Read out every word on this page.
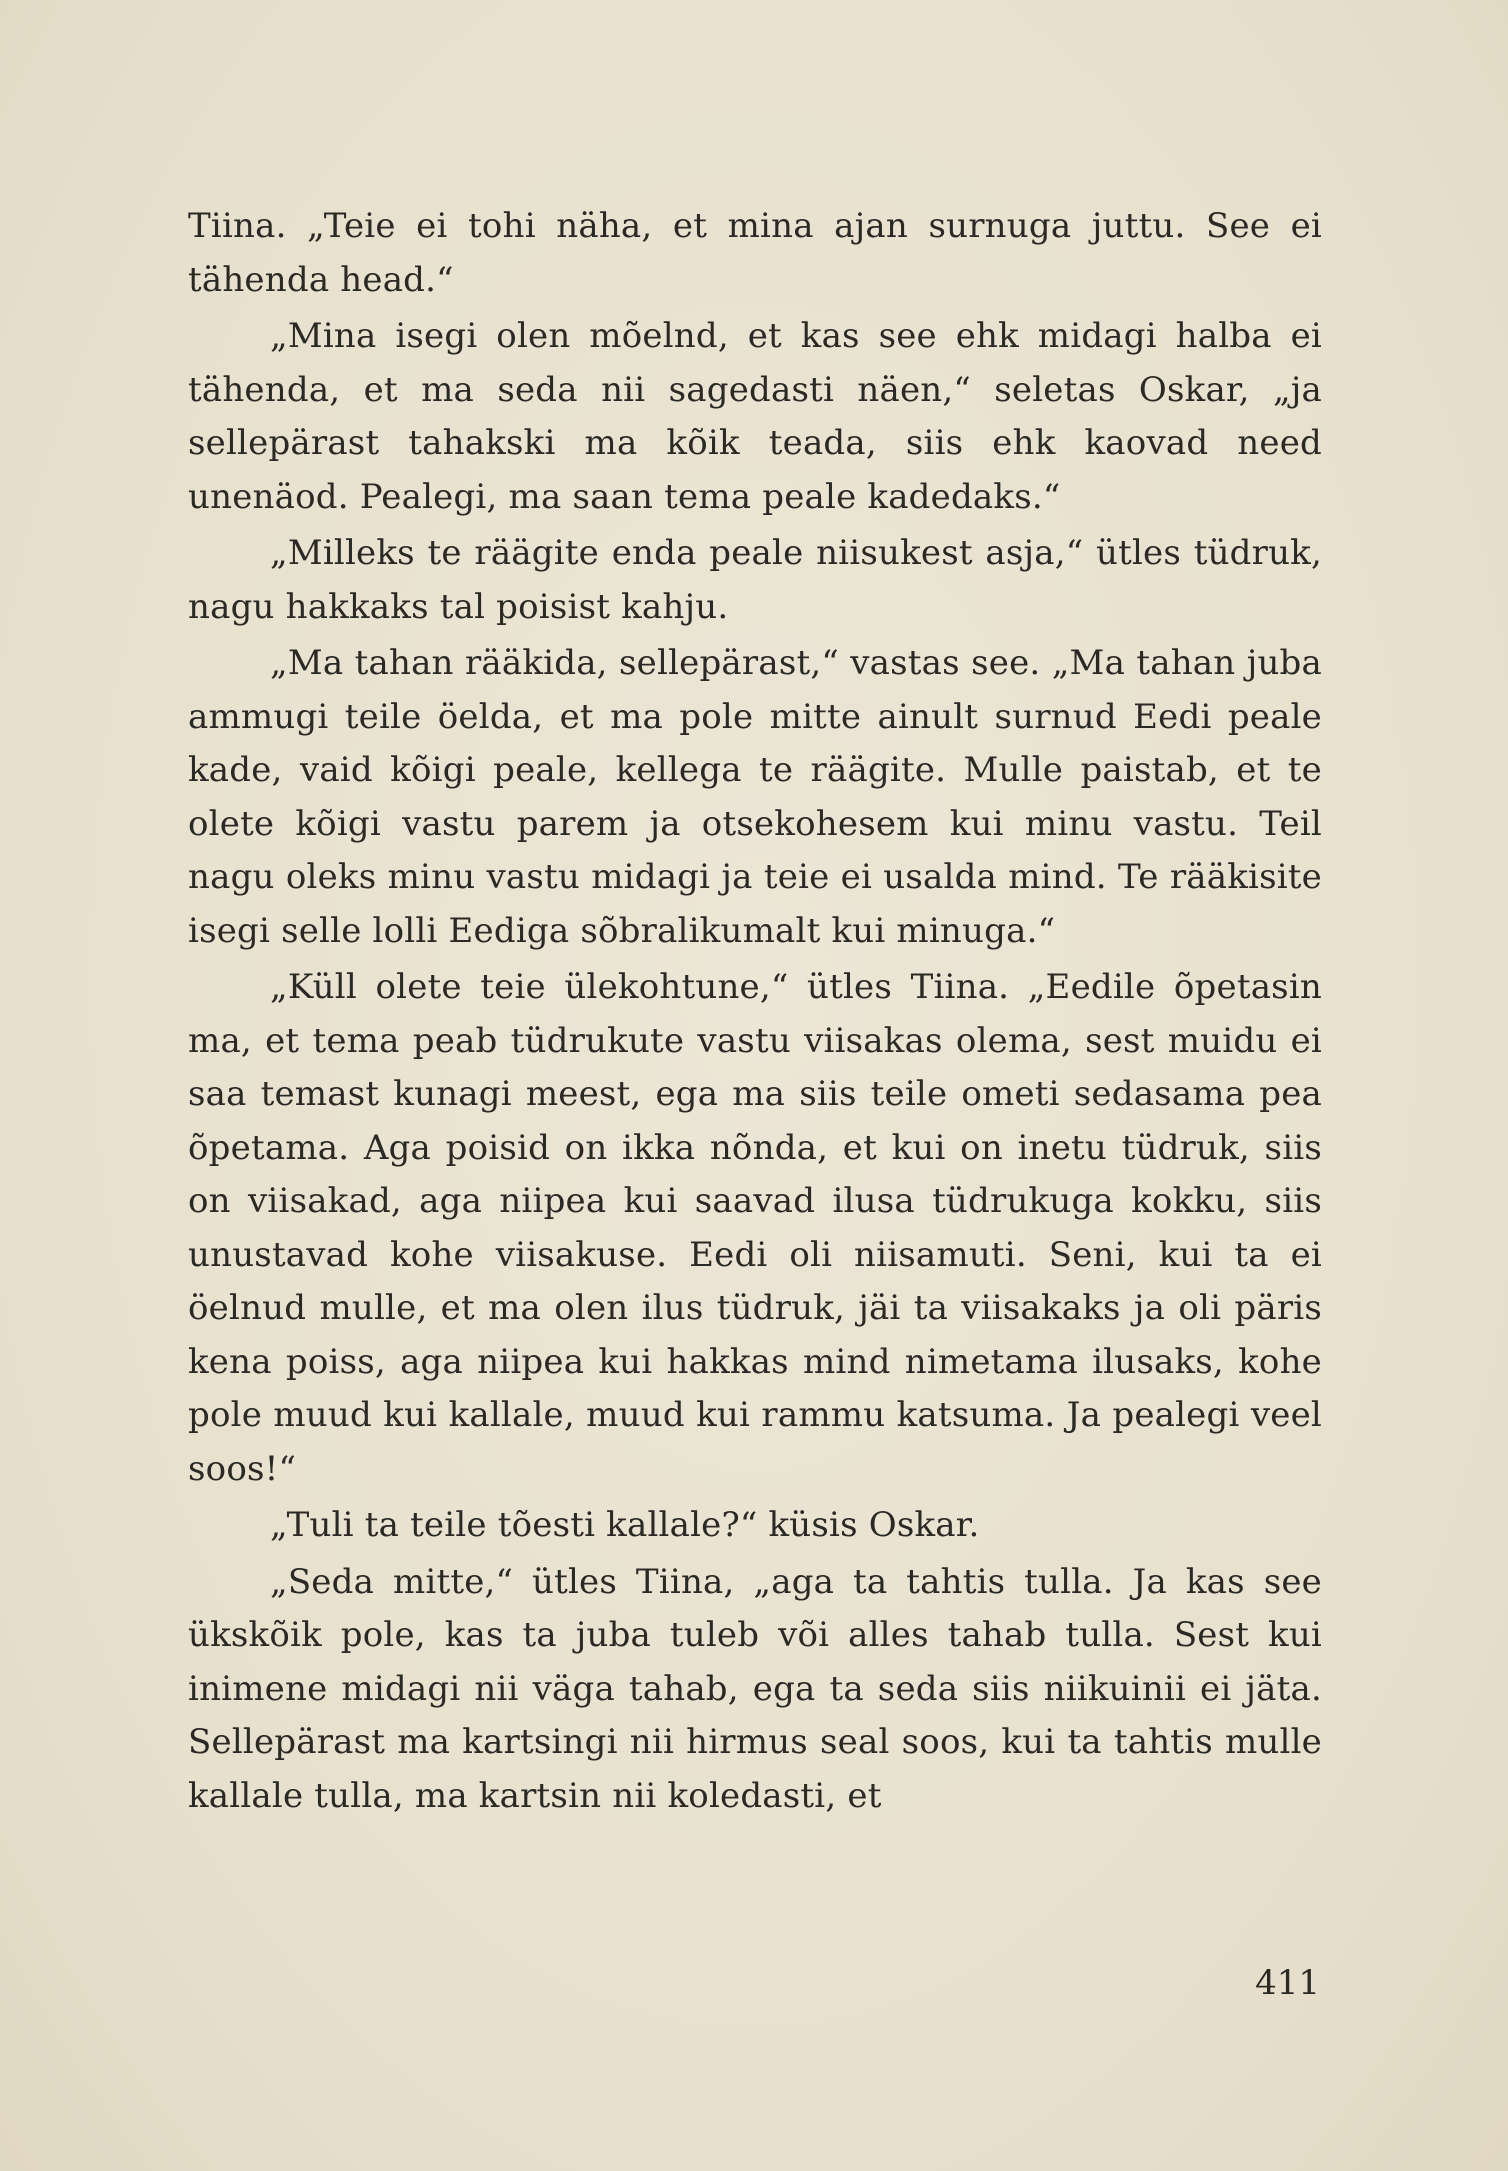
Tiina. „Teie ei tohi näha, et mina ajan surnuga juttu. See ei tähenda head.“

„Mina isegi olen mõelnd, et kas see ehk midagi halba ei tähenda, et ma seda nii sagedasti näen,“ seletas Oskar, „ja sellepärast tahakski ma kõik teada, siis ehk kaovad need unenäod. Pealegi, ma saan tema peale kadedaks.“

„Milleks te räägite enda peale niisukest asja,“ ütles tüdruk, nagu hakkaks tal poisist kahju.

„Ma tahan rääkida, sellepärast,“ vastas see. „Ma tahan juba ammugi teile öelda, et ma pole mitte ainult surnud Eedi peale kade, vaid kõigi peale, kellega te räägite. Mulle paistab, et te olete kõigi vastu parem ja otsekohesem kui minu vastu. Teil nagu oleks minu vastu midagi ja teie ei usalda mind. Te rääkisite isegi selle lolli Eediga sõbralikumalt kui minuga.“

„Küll olete teie ülekohtune,“ ütles Tiina. „Eedile õpetasin ma, et tema peab tüdrukute vastu viisakas olema, sest muidu ei saa temast kunagi meest, ega ma siis teile ometi sedasama pea õpetama. Aga poisid on ikka nõnda, et kui on inetu tüdruk, siis on viisakad, aga niipea kui saavad ilusa tüdrukuga kokku, siis unustavad kohe viisakuse. Eedi oli niisamuti. Seni, kui ta ei öelnud mulle, et ma olen ilus tüdruk, jäi ta viisakaks ja oli päris kena poiss, aga niipea kui hakkas mind nimetama ilusaks, kohe pole muud kui kallale, muud kui rammu katsuma. Ja pealegi veel soos!“

„Tuli ta teile tõesti kallale?“ küsis Oskar.

„Seda mitte,“ ütles Tiina, „aga ta tahtis tulla. Ja kas see ükskõik pole, kas ta juba tuleb või alles tahab tulla. Sest kui inimene midagi nii väga tahab, ega ta seda siis niikuinii ei jäta. Sellepärast ma kartsingi nii hirmus seal soos, kui ta tahtis mulle kallale tulla, ma kartsin nii koledasti, et

411
